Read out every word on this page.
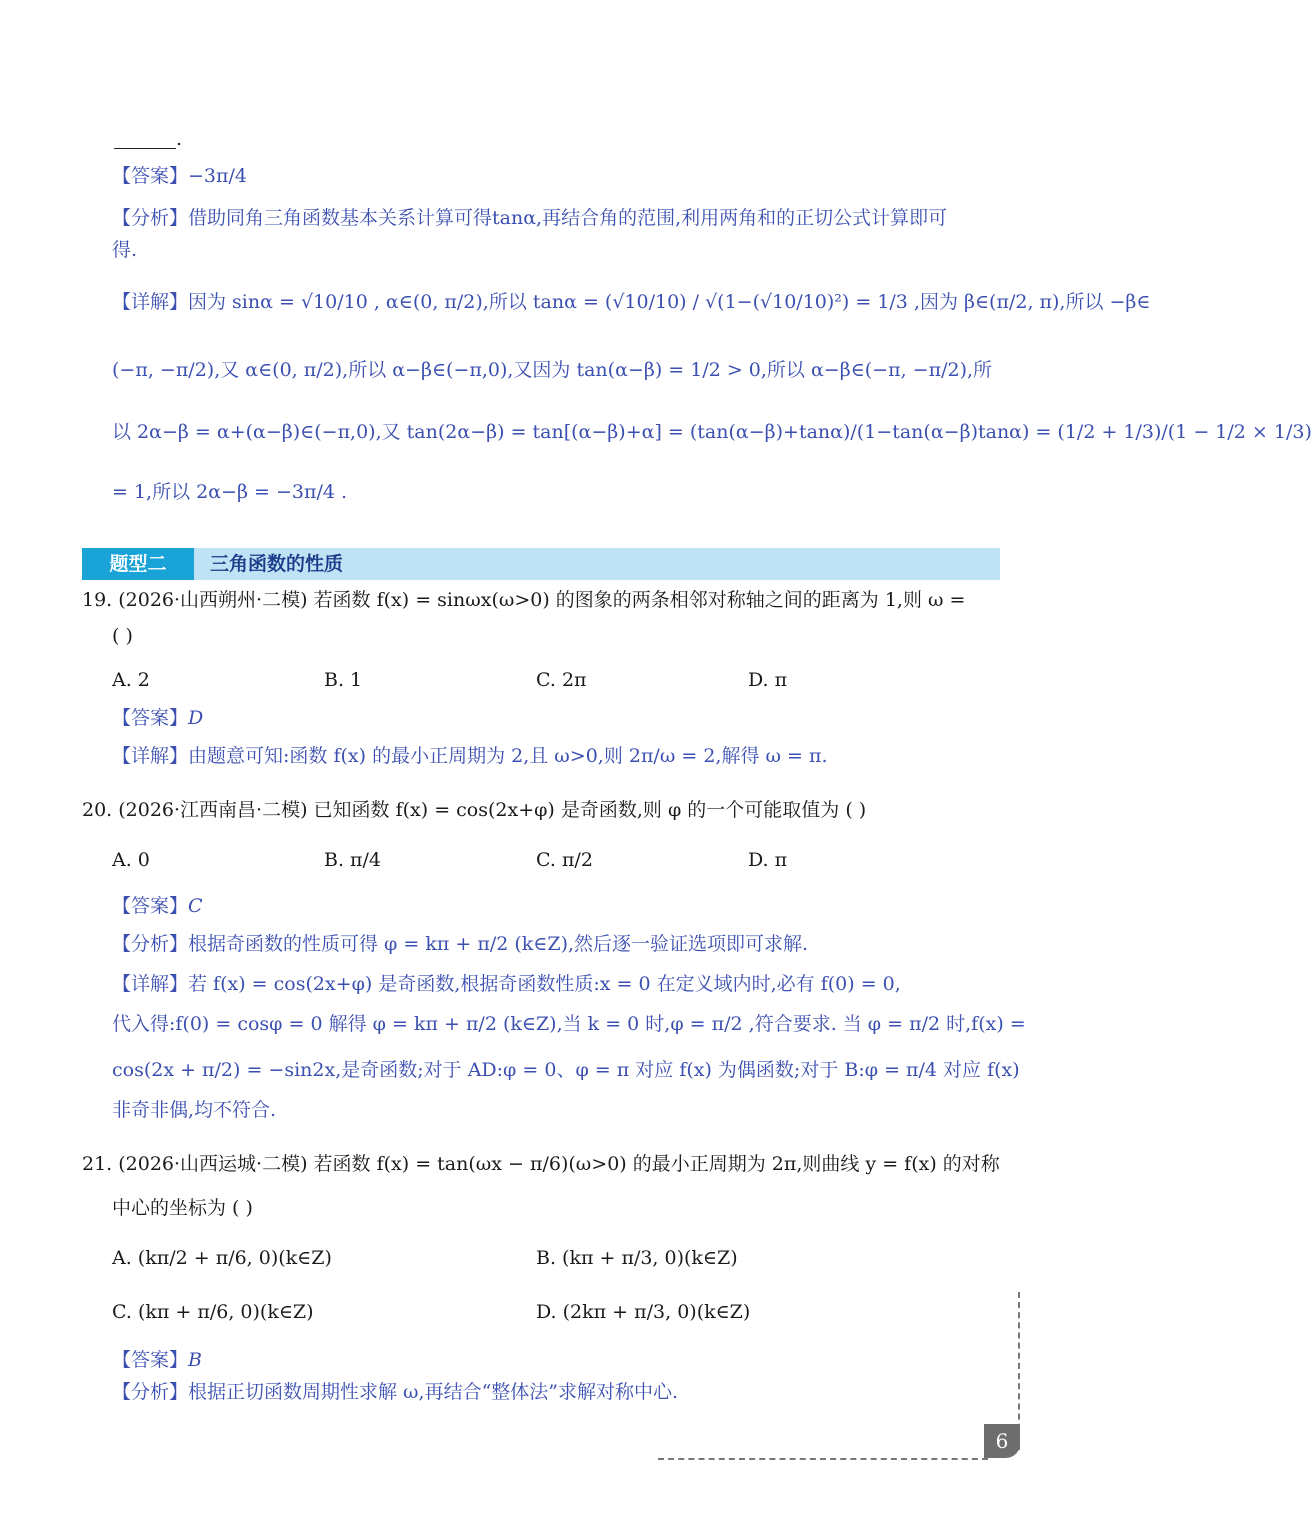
.
【答案】−3π/4
【分析】借助同角三角函数基本关系计算可得tanα,再结合角的范围,利用两角和的正切公式计算即可
得.
【详解】因为 sinα = √10/10 , α∈(0, π/2),所以 tanα = (√10/10) / √(1−(√10/10)²) = 1/3 ,因为 β∈(π/2, π),所以 −β∈
(−π, −π/2),又 α∈(0, π/2),所以 α−β∈(−π,0),又因为 tan(α−β) = 1/2 > 0,所以 α−β∈(−π, −π/2),所
以 2α−β = α+(α−β)∈(−π,0),又 tan(2α−β) = tan[(α−β)+α] = (tan(α−β)+tanα)/(1−tan(α−β)tanα) = (1/2 + 1/3)/(1 − 1/2 × 1/3)
= 1,所以 2α−β = −3π/4 .
题型二	三角函数的性质
19. (2026·山西朔州·二模) 若函数 f(x) = sinωx(ω>0) 的图象的两条相邻对称轴之间的距离为 1,则 ω =
( )
A. 2	B. 1	C. 2π	D. π
【答案】D
【详解】由题意可知:函数 f(x) 的最小正周期为 2,且 ω>0,则 2π/ω = 2,解得 ω = π.
20. (2026·江西南昌·二模) 已知函数 f(x) = cos(2x+φ) 是奇函数,则 φ 的一个可能取值为 ( )
A. 0	B. π/4	C. π/2	D. π
【答案】C
【分析】根据奇函数的性质可得 φ = kπ + π/2 (k∈Z),然后逐一验证选项即可求解.
【详解】若 f(x) = cos(2x+φ) 是奇函数,根据奇函数性质:x = 0 在定义域内时,必有 f(0) = 0,
代入得:f(0) = cosφ = 0 解得 φ = kπ + π/2 (k∈Z),当 k = 0 时,φ = π/2 ,符合要求. 当 φ = π/2 时,f(x) =
cos(2x + π/2) = −sin2x,是奇函数;对于 AD:φ = 0、φ = π 对应 f(x) 为偶函数;对于 B:φ = π/4 对应 f(x)
非奇非偶,均不符合.
21. (2026·山西运城·二模) 若函数 f(x) = tan(ωx − π/6)(ω>0) 的最小正周期为 2π,则曲线 y = f(x) 的对称
中心的坐标为 ( )
A. (kπ/2 + π/6, 0)(k∈Z)	B. (kπ + π/3, 0)(k∈Z)
C. (kπ + π/6, 0)(k∈Z)	D. (2kπ + π/3, 0)(k∈Z)
【答案】B
【分析】根据正切函数周期性求解 ω,再结合“整体法”求解对称中心.
6
